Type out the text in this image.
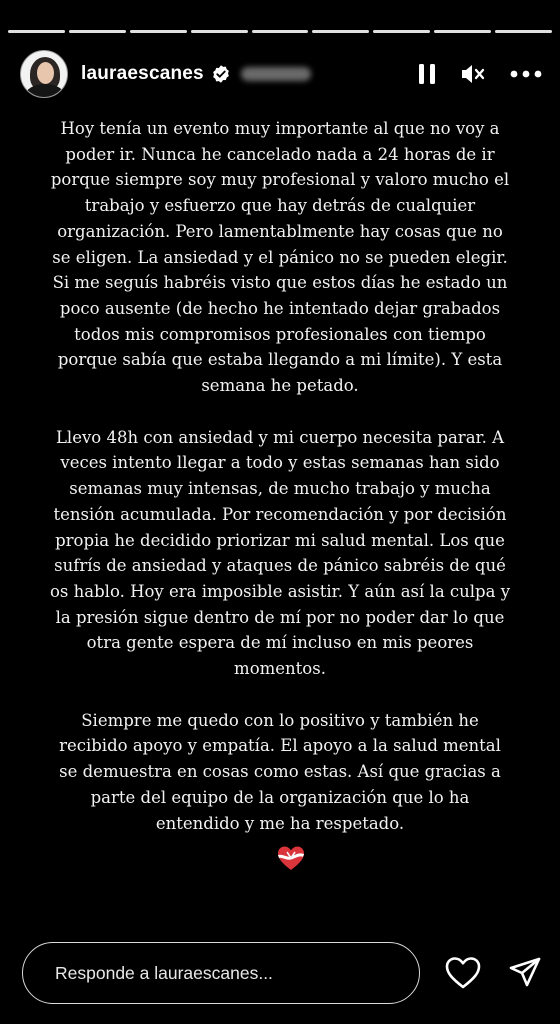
lauraescanes

Hoy tenía un evento muy importante al que no voy a poder ir. Nunca he cancelado nada a 24 horas de ir porque siempre soy muy profesional y valoro mucho el trabajo y esfuerzo que hay detrás de cualquier organización. Pero lamentablmente hay cosas que no se eligen. La ansiedad y el pánico no se pueden elegir. Si me seguís habréis visto que estos días he estado un poco ausente (de hecho he intentado dejar grabados todos mis compromisos profesionales con tiempo porque sabía que estaba llegando a mi límite). Y esta semana he petado.

Llevo 48h con ansiedad y mi cuerpo necesita parar. A veces intento llegar a todo y estas semanas han sido semanas muy intensas, de mucho trabajo y mucha tensión acumulada. Por recomendación y por decisión propia he decidido priorizar mi salud mental. Los que sufrís de ansiedad y ataques de pánico sabréis de qué os hablo. Hoy era imposible asistir. Y aún así la culpa y la presión sigue dentro de mí por no poder dar lo que otra gente espera de mí incluso en mis peores momentos.

Siempre me quedo con lo positivo y también he recibido apoyo y empatía. El apoyo a la salud mental se demuestra en cosas como estas. Así que gracias a parte del equipo de la organización que lo ha entendido y me ha respetado.

Responde a lauraescanes...
